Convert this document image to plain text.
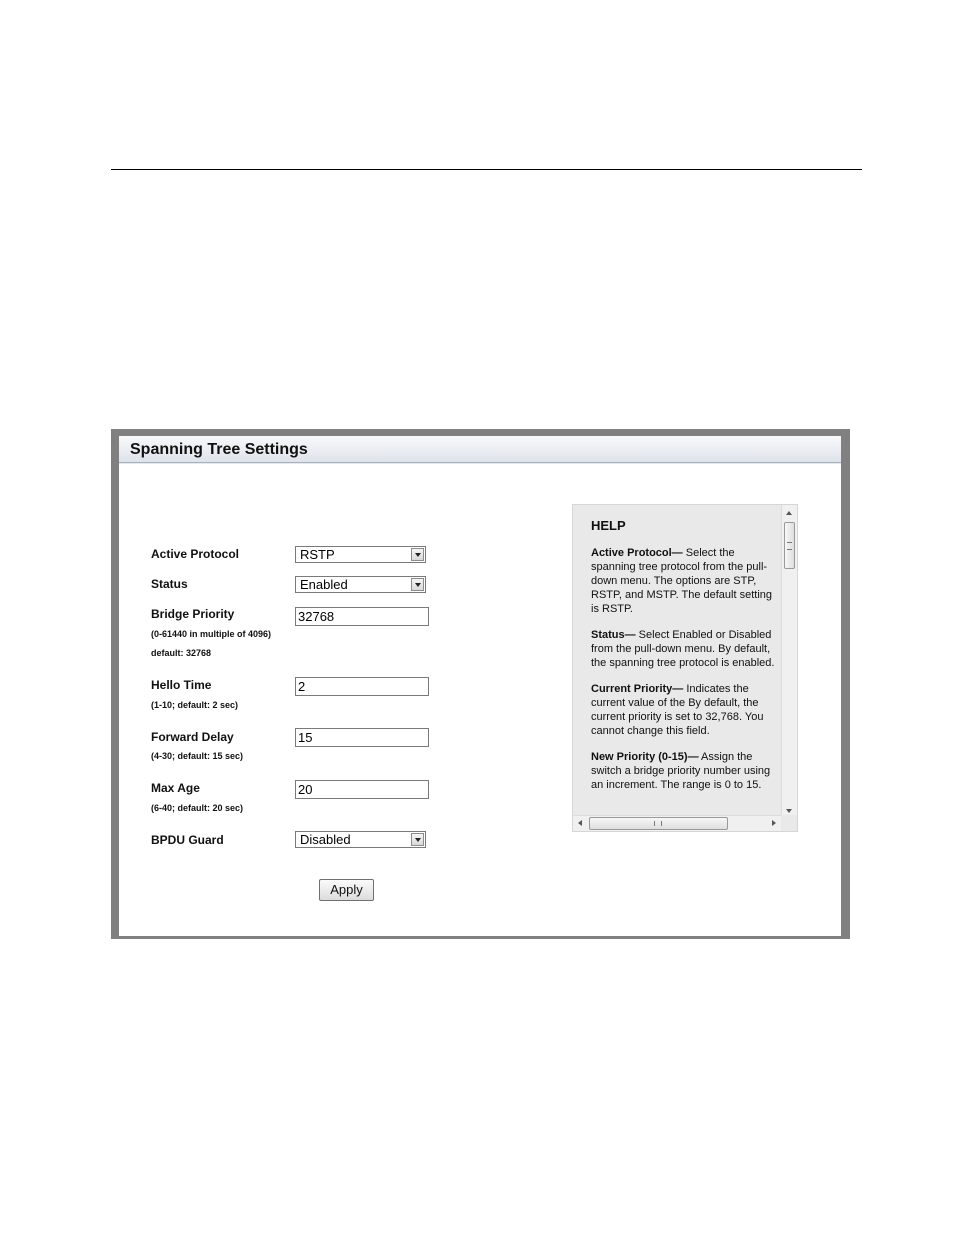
Spanning Tree Settings
Active Protocol	RSTP
Status	Enabled
Bridge Priority	32768
(0-61440 in multiple of 4096)
default: 32768
Hello Time	2
(1-10; default: 2 sec)
Forward Delay	15
(4-30; default: 15 sec)
Max Age	20
(6-40; default: 20 sec)
BPDU Guard	Disabled
Apply
HELP

Active Protocol— Select the spanning tree protocol from the pull-down menu. The options are STP, RSTP, and MSTP. The default setting is RSTP.

Status— Select Enabled or Disabled from the pull-down menu. By default, the spanning tree protocol is enabled.

Current Priority— Indicates the current value of the By default, the current priority is set to 32,768. You cannot change this field.

New Priority (0-15)— Assign the switch a bridge priority number using an increment. The range is 0 to 15.
